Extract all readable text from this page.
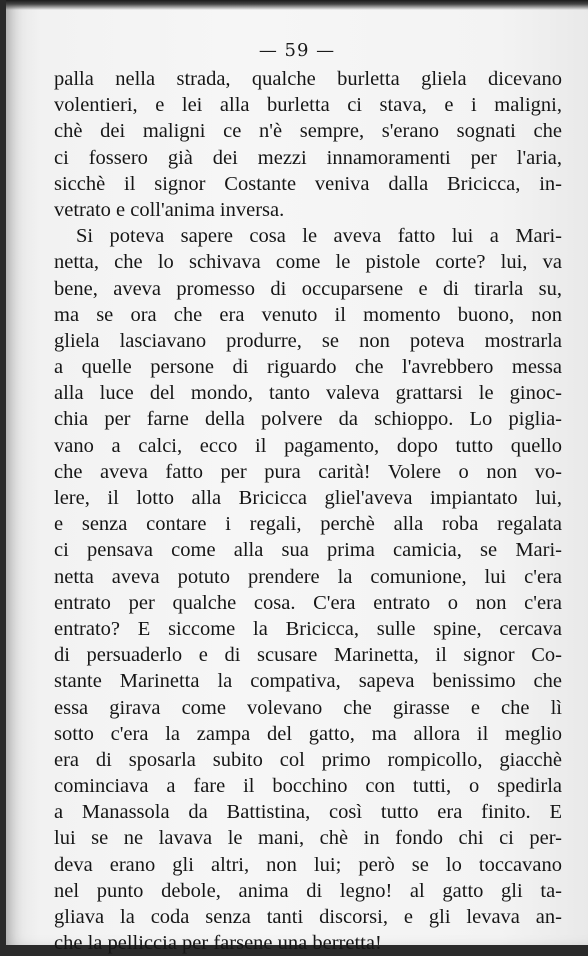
— 59 —

palla nella strada, qualche burletta gliela dicevano
volentieri, e lei alla burletta ci stava, e i maligni,
chè dei maligni ce n'è sempre, s'erano sognati che
ci fossero già dei mezzi innamoramenti per l'aria,
sicchè il signor Costante veniva dalla Bricicca, in-
vetrato e coll'anima inversa.
Si poteva sapere cosa le aveva fatto lui a Mari-
netta, che lo schivava come le pistole corte? lui, va
bene, aveva promesso di occuparsene e di tirarla su,
ma se ora che era venuto il momento buono, non
gliela lasciavano produrre, se non poteva mostrarla
a quelle persone di riguardo che l'avrebbero messa
alla luce del mondo, tanto valeva grattarsi le ginoc-
chia per farne della polvere da schioppo. Lo piglia-
vano a calci, ecco il pagamento, dopo tutto quello
che aveva fatto per pura carità! Volere o non vo-
lere, il lotto alla Bricicca gliel'aveva impiantato lui,
e senza contare i regali, perchè alla roba regalata
ci pensava come alla sua prima camicia, se Mari-
netta aveva potuto prendere la comunione, lui c'era
entrato per qualche cosa. C'era entrato o non c'era
entrato? E siccome la Bricicca, sulle spine, cercava
di persuaderlo e di scusare Marinetta, il signor Co-
stante Marinetta la compativa, sapeva benissimo che
essa girava come volevano che girasse e che lì
sotto c'era la zampa del gatto, ma allora il meglio
era di sposarla subito col primo rompicollo, giacchè
cominciava a fare il bocchino con tutti, o spedirla
a Manassola da Battistina, così tutto era finito. E
lui se ne lavava le mani, chè in fondo chi ci per-
deva erano gli altri, non lui; però se lo toccavano
nel punto debole, anima di legno! al gatto gli ta-
gliava la coda senza tanti discorsi, e gli levava an-
che la pelliccia per farsene una berretta!
